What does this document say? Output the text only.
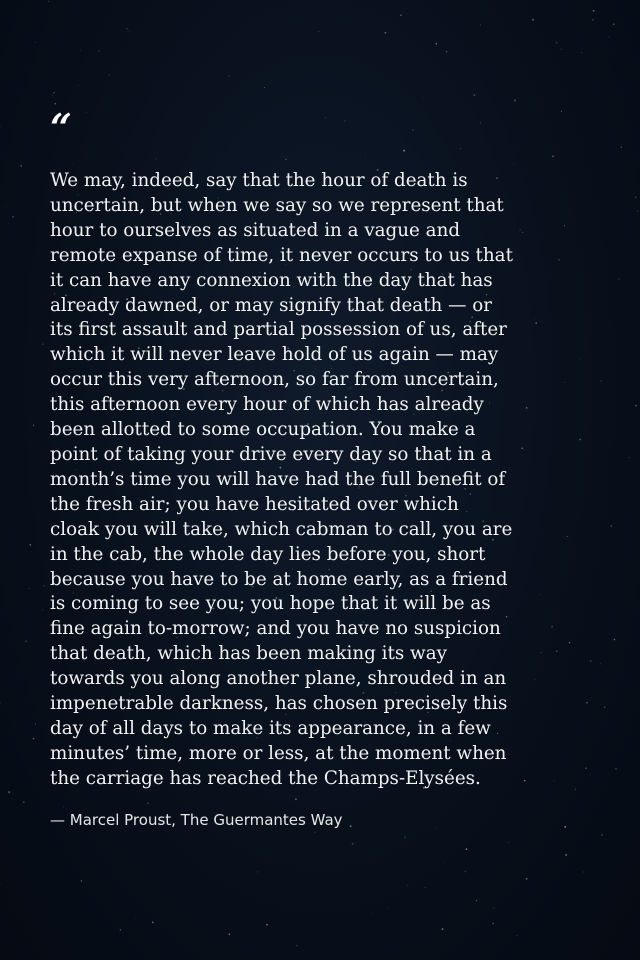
“

We may, indeed, say that the hour of death is
uncertain, but when we say so we represent that
hour to ourselves as situated in a vague and
remote expanse of time, it never occurs to us that
it can have any connexion with the day that has
already dawned, or may signify that death — or
its first assault and partial possession of us, after
which it will never leave hold of us again — may
occur this very afternoon, so far from uncertain,
this afternoon every hour of which has already
been allotted to some occupation. You make a
point of taking your drive every day so that in a
month’s time you will have had the full benefit of
the fresh air; you have hesitated over which
cloak you will take, which cabman to call, you are
in the cab, the whole day lies before you, short
because you have to be at home early, as a friend
is coming to see you; you hope that it will be as
fine again to-morrow; and you have no suspicion
that death, which has been making its way
towards you along another plane, shrouded in an
impenetrable darkness, has chosen precisely this
day of all days to make its appearance, in a few
minutes’ time, more or less, at the moment when
the carriage has reached the Champs-Elysées.

— Marcel Proust, The Guermantes Way
